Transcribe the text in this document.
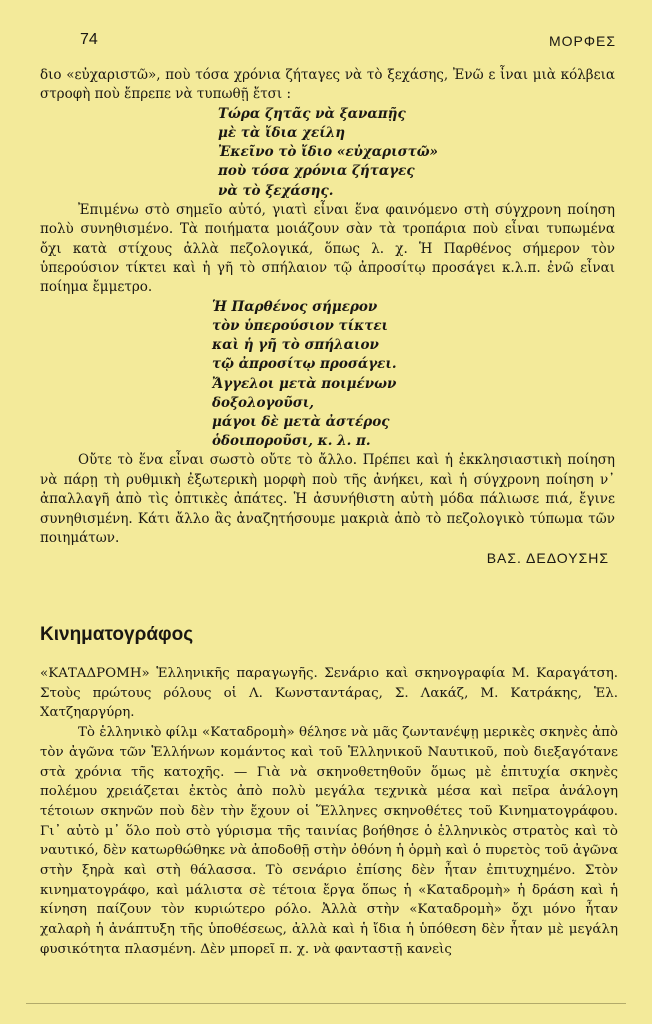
74	ΜΟΡΦΕΣ

διο «εὐχαριστῶ», ποὺ τόσα χρόνια ζήταγες νὰ τὸ ξεχάσης, Ἐνῶ ε ἶναι μιὰ κόλβεια στροφὴ ποὺ ἔπρεπε νὰ τυπωθῇ ἔτσι :

Τώρα ζητᾶς νὰ ξαναπῇς
μὲ τὰ ἴδια χείλη
Ἐκεῖνο τὸ ἴδιο «εὐχαριστῶ»
ποὺ τόσα χρόνια ζήταγες
νὰ τὸ ξεχάσης.

Ἐπιμένω στὸ σημεῖο αὐτό, γιατὶ εἶναι ἕνα φαινόμενο στὴ σύγχρονη ποίηση πολὺ συνηθισμένο. Τὰ ποιήματα μοιάζουν σὰν τὰ τροπάρια ποὺ εἶναι τυπωμένα ὄχι κατὰ στίχους ἀλλὰ πεζολογικά, ὅπως λ. χ. Ἡ Παρθένος σήμερον τὸν ὑπερούσιον τίκτει καὶ ἡ γῆ τὸ σπήλαιον τῷ ἀπροσίτῳ προσάγει κ.λ.π. ἐνῶ εἶναι ποίημα ἔμμετρο.

Ἡ Παρθένος σήμερον
τὸν ὑπερούσιον τίκτει
καὶ ἡ γῆ τὸ σπήλαιον
τῷ ἀπροσίτῳ προσάγει.
Ἄγγελοι μετὰ ποιμένων
δοξολογοῦσι,
μάγοι δὲ μετὰ ἀστέρος
ὁδοιποροῦσι, κ. λ. π.

Οὔτε τὸ ἕνα εἶναι σωστὸ οὔτε τὸ ἄλλο. Πρέπει καὶ ἡ ἐκκλησιαστικὴ ποίηση νὰ πάρῃ τὴ ρυθμικὴ ἐξωτερικὴ μορφὴ ποὺ τῆς ἀνήκει, καὶ ἡ σύγχρονη ποίηση ν᾽ ἀπαλλαγῆ ἀπὸ τὶς ὀπτικὲς ἀπάτες. Ἡ ἀσυνήθιστη αὐτὴ μόδα πάλιωσε πιά, ἔγινε συνηθισμένη. Κάτι ἄλλο ἂς ἀναζητήσουμε μακριὰ ἀπὸ τὸ πεζολογικὸ τύπωμα τῶν ποιημάτων.

ΒΑΣ. ΔΕΔΟΥΣΗΣ

Κινηματογράφος

«ΚΑΤΑΔΡΟΜΗ» Ἑλληνικῆς παραγωγῆς. Σενάριο καὶ σκηνογραφία Μ. Καραγάτση. Στοὺς πρώτους ρόλους οἱ Λ. Κωνσταντάρας, Σ. Λακάζ, Μ. Κατράκης, Ἑλ. Χατζηαργύρη.

Τὸ ἑλληνικὸ φίλμ «Καταδρομὴ» θέλησε νὰ μᾶς ζωντανέψῃ μερικὲς σκηνὲς ἀπὸ τὸν ἀγῶνα τῶν Ἑλλήνων κομάντος καὶ τοῦ Ἑλληνικοῦ Ναυτικοῦ, ποὺ διεξαγότανε στὰ χρόνια τῆς κατοχῆς. — Γιὰ νὰ σκηνοθετηθοῦν ὅμως μὲ ἐπιτυχία σκηνὲς πολέμου χρειάζεται ἐκτὸς ἀπὸ πολὺ μεγάλα τεχνικὰ μέσα καὶ πεῖρα ἀνάλογη τέτοιων σκηνῶν ποὺ δὲν τὴν ἔχουν οἱ Ἕλληνες σκηνοθέτες τοῦ Κινηματογράφου. Γι᾽ αὐτὸ μ᾽ ὅλο ποὺ στὸ γύρισμα τῆς ταινίας βοήθησε ὁ ἑλληνικὸς στρατὸς καὶ τὸ ναυτικό, δὲν κατωρθώθηκε νὰ ἀποδοθῇ στὴν ὀθόνη ἡ ὁρμὴ καὶ ὁ πυρετὸς τοῦ ἀγῶνα στὴν ξηρὰ καὶ στὴ θάλασσα. Τὸ σενάριο ἐπίσης δὲν ἦταν ἐπιτυχημένο. Στὸν κινηματογράφο, καὶ μάλιστα σὲ τέτοια ἔργα ὅπως ἡ «Καταδρομὴ» ἡ δράση καὶ ἡ κίνηση παίζουν τὸν κυριώτερο ρόλο. Ἀλλὰ στὴν «Καταδρομὴ» ὄχι μόνο ἦταν χαλαρὴ ἡ ἀνάπτυξη τῆς ὑποθέσεως, ἀλλὰ καὶ ἡ ἴδια ἡ ὑπόθεση δὲν ἦταν μὲ μεγάλη φυσικότητα πλασμένη. Δὲν μπορεῖ π. χ. νὰ φανταστῇ κανεὶς
